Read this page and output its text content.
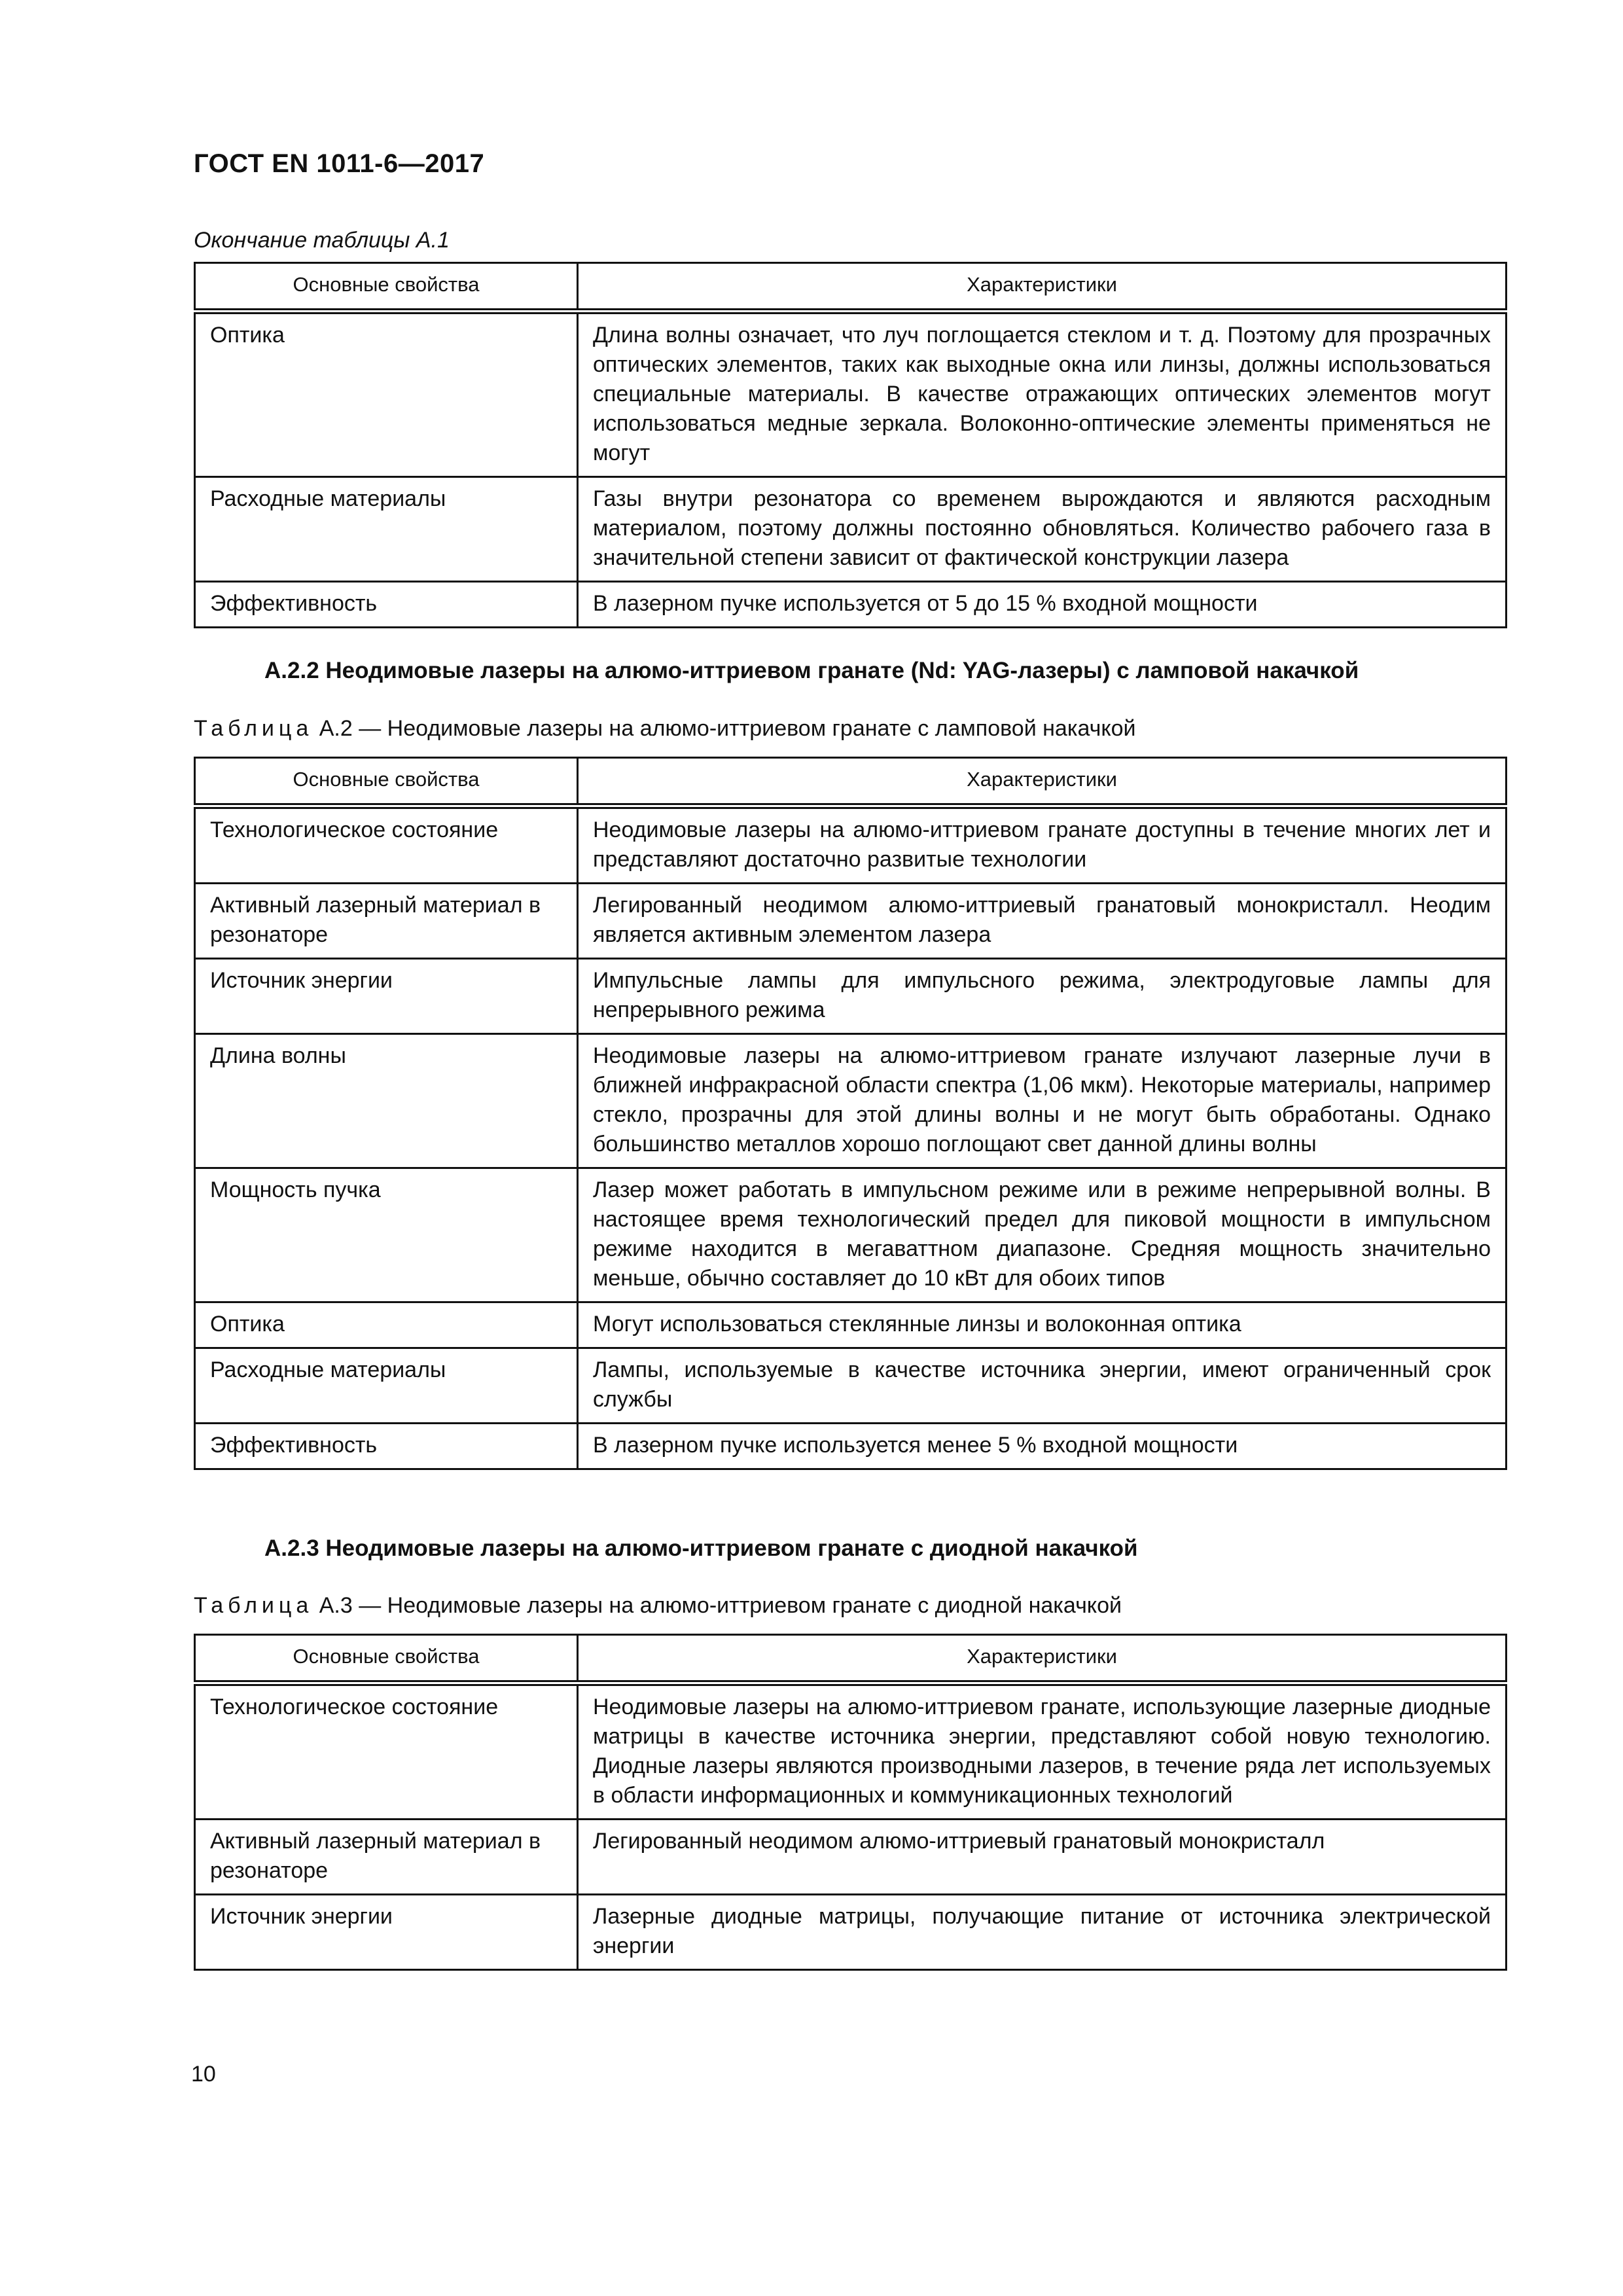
ГОСТ EN 1011-6—2017
Окончание таблицы А.1
Основные свойства	Характеристики
Оптика	Длина волны означает, что луч поглощается стеклом и т. д. Поэтому для прозрачных оптических элементов, таких как выходные окна или линзы, должны использоваться специальные материалы. В качестве отражающих оптических элементов могут использоваться медные зеркала. Волоконно-оптические элементы применяться не могут
Расходные материалы	Газы внутри резонатора со временем вырождаются и являются расходным материалом, поэтому должны постоянно обновляться. Количество рабочего газа в значительной степени зависит от фактической конструкции лазера
Эффективность	В лазерном пучке используется от 5 до 15 % входной мощности
А.2.2 Неодимовые лазеры на алюмо-иттриевом гранате (Nd: YAG-лазеры) с ламповой накачкой
Таблица А.2 — Неодимовые лазеры на алюмо-иттриевом гранате с ламповой накачкой
Основные свойства	Характеристики
Технологическое состояние	Неодимовые лазеры на алюмо-иттриевом гранате доступны в течение многих лет и представляют достаточно развитые технологии
Активный лазерный материал в резонаторе	Легированный неодимом алюмо-иттриевый гранатовый монокристалл. Неодим является активным элементом лазера
Источник энергии	Импульсные лампы для импульсного режима, электродуговые лампы для непрерывного режима
Длина волны	Неодимовые лазеры на алюмо-иттриевом гранате излучают лазерные лучи в ближней инфракрасной области спектра (1,06 мкм). Некоторые материалы, например стекло, прозрачны для этой длины волны и не могут быть обработаны. Однако большинство металлов хорошо поглощают свет данной длины волны
Мощность пучка	Лазер может работать в импульсном режиме или в режиме непрерывной волны. В настоящее время технологический предел для пиковой мощности в импульсном режиме находится в мегаваттном диапазоне. Средняя мощность значительно меньше, обычно составляет до 10 кВт для обоих типов
Оптика	Могут использоваться стеклянные линзы и волоконная оптика
Расходные материалы	Лампы, используемые в качестве источника энергии, имеют ограниченный срок службы
Эффективность	В лазерном пучке используется менее 5 % входной мощности
А.2.3 Неодимовые лазеры на алюмо-иттриевом гранате с диодной накачкой
Таблица А.3 — Неодимовые лазеры на алюмо-иттриевом гранате с диодной накачкой
Основные свойства	Характеристики
Технологическое состояние	Неодимовые лазеры на алюмо-иттриевом гранате, использующие лазерные диодные матрицы в качестве источника энергии, представляют собой новую технологию. Диодные лазеры являются производными лазеров, в течение ряда лет используемых в области информационных и коммуникационных технологий
Активный лазерный материал в резонаторе	Легированный неодимом алюмо-иттриевый гранатовый монокристалл
Источник энергии	Лазерные диодные матрицы, получающие питание от источника электрической энергии
10
